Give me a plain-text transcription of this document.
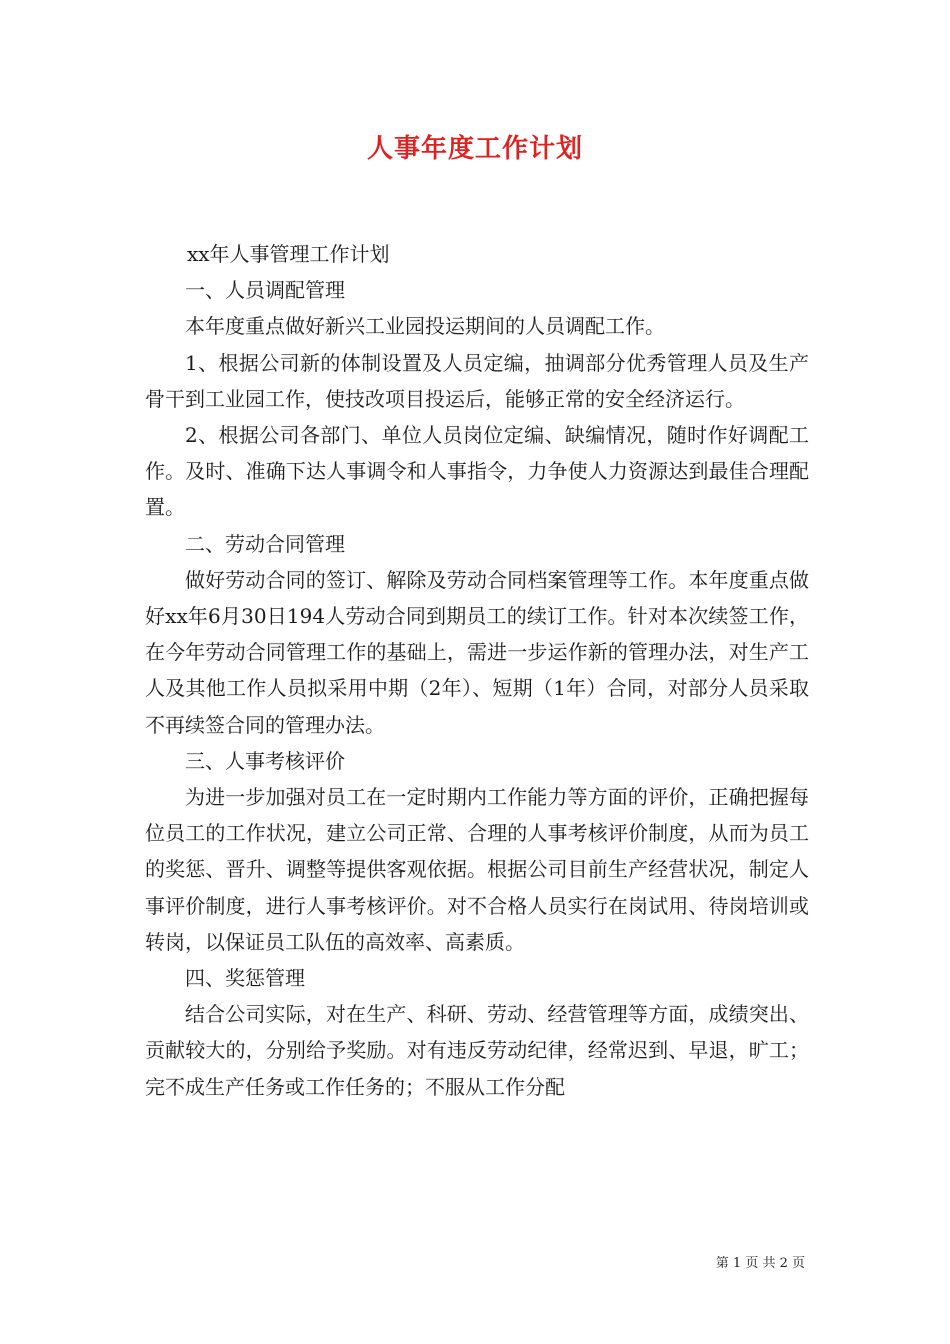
人事年度工作计划

xx年人事管理工作计划

一、人员调配管理

本年度重点做好新兴工业园投运期间的人员调配工作。

1、根据公司新的体制设置及人员定编，抽调部分优秀管理人员及生产骨干到工业园工作，使技改项目投运后，能够正常的安全经济运行。

2、根据公司各部门、单位人员岗位定编、缺编情况，随时作好调配工作。及时、准确下达人事调令和人事指令，力争使人力资源达到最佳合理配置。

二、劳动合同管理

做好劳动合同的签订、解除及劳动合同档案管理等工作。本年度重点做好xx年6月30日194人劳动合同到期员工的续订工作。针对本次续签工作，在今年劳动合同管理工作的基础上，需进一步运作新的管理办法，对生产工人及其他工作人员拟采用中期（2年）、短期（1年）合同，对部分人员采取不再续签合同的管理办法。

三、人事考核评价

为进一步加强对员工在一定时期内工作能力等方面的评价，正确把握每位员工的工作状况，建立公司正常、合理的人事考核评价制度，从而为员工的奖惩、晋升、调整等提供客观依据。根据公司目前生产经营状况，制定人事评价制度，进行人事考核评价。对不合格人员实行在岗试用、待岗培训或转岗，以保证员工队伍的高效率、高素质。

四、奖惩管理

结合公司实际，对在生产、科研、劳动、经营管理等方面，成绩突出、贡献较大的，分别给予奖励。对有违反劳动纪律，经常迟到、早退，旷工；完不成生产任务或工作任务的；不服从工作分配

第 1 页 共 2 页
